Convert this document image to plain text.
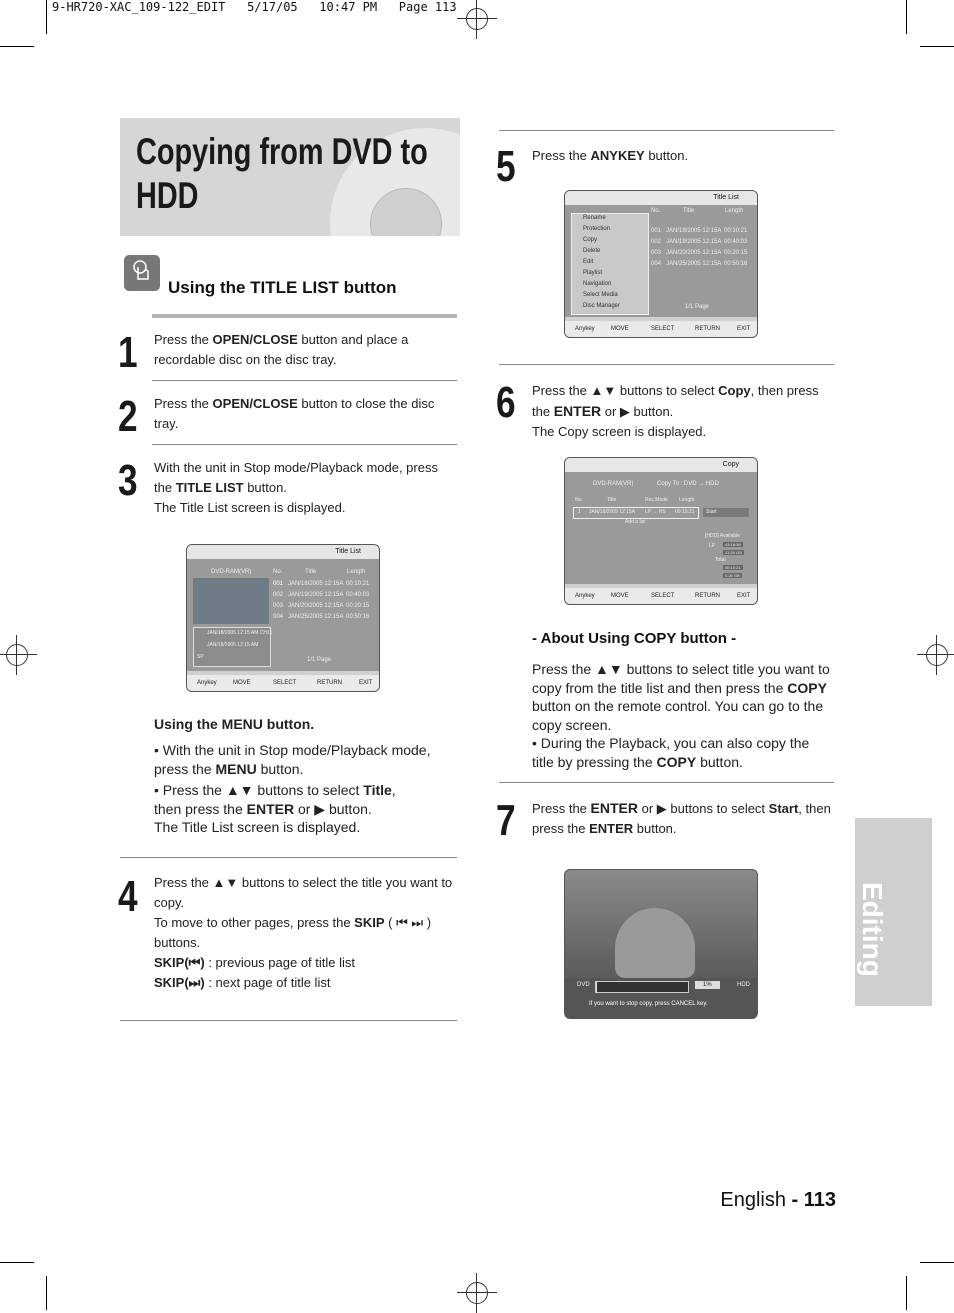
9-HR720-XAC_109-122_EDIT   5/17/05   10:47 PM   Page 113
Copying from DVD to HDD
Using the TITLE LIST button
1 Press the OPEN/CLOSE button and place a recordable disc on the disc tray.
2 Press the OPEN/CLOSE button to close the disc tray.
3 With the unit in Stop mode/Playback mode, press the TITLE LIST button.
The Title List screen is displayed.
Title List
DVD-RAM(VR)
JAN/18/2005 12:15 AM CH11
JAN/18/2005 12:15 AM
SP
No.	Title	Length
001 JAN/18/2005 12:15A 00:10:21
002 JAN/19/2005 12:15A 00:40:03
003 JAN/20/2005 12:15A 00:20:15
004 JAN/25/2005 12:15A 00:50:16
1/1 Page
Anykey	MOVE	SELECT	RETURN	EXIT
Using the MENU button.
• With the unit in Stop mode/Playback mode, press the MENU button.
• Press the ▲▼ buttons to select Title, then press the ENTER or ▶ button.
The Title List screen is displayed.
4 Press the ▲▼ buttons to select the title you want to copy.
To move to other pages, press the SKIP ( ⏮ ⏭ ) buttons.
SKIP(⏮) : previous page of title list
SKIP(⏭) : next page of title list
5 Press the ANYKEY button.
Title List
No.	Title	Length
Rename
Protection
Copy
Delete
Edit
Playlist
Navigation
Select Media
Disc Manager
001 JAN/18/2005 12:15A 00:10:21
002 JAN/19/2005 12:15A 00:40:03
003 JAN/20/2005 12:15A 00:20:15
004 JAN/25/2005 12:15A 00:50:16
1/1 Page
Anykey	MOVE	SELECT	RETURN	EXIT
6 Press the ▲▼ buttons to select Copy, then press the ENTER or ▶ button.
The Copy screen is displayed.
Copy
DVD-RAM(VR)	Copy To : DVD → HDD
No.	Title	Rec.Mode Length
1 JAN/18/2005 12:15A LP → HS 00:10:21
Add a list
Start
[HDD] Available
LP	43:16:38
23.39 GB
Total
00:10:21
0.25 GB
Anykey	MOVE	SELECT	RETURN	EXIT
- About Using COPY button -
Press the ▲▼ buttons to select title you want to copy from the title list and then press the COPY button on the remote control. You can go to the copy screen.
• During the Playback, you can also copy the title by pressing the COPY button.
7 Press the ENTER or ▶ buttons to select Start, then press the ENTER button.
DVD	1%	HDD
If you want to stop copy, press CANCEL key.
Editing
English - 113
